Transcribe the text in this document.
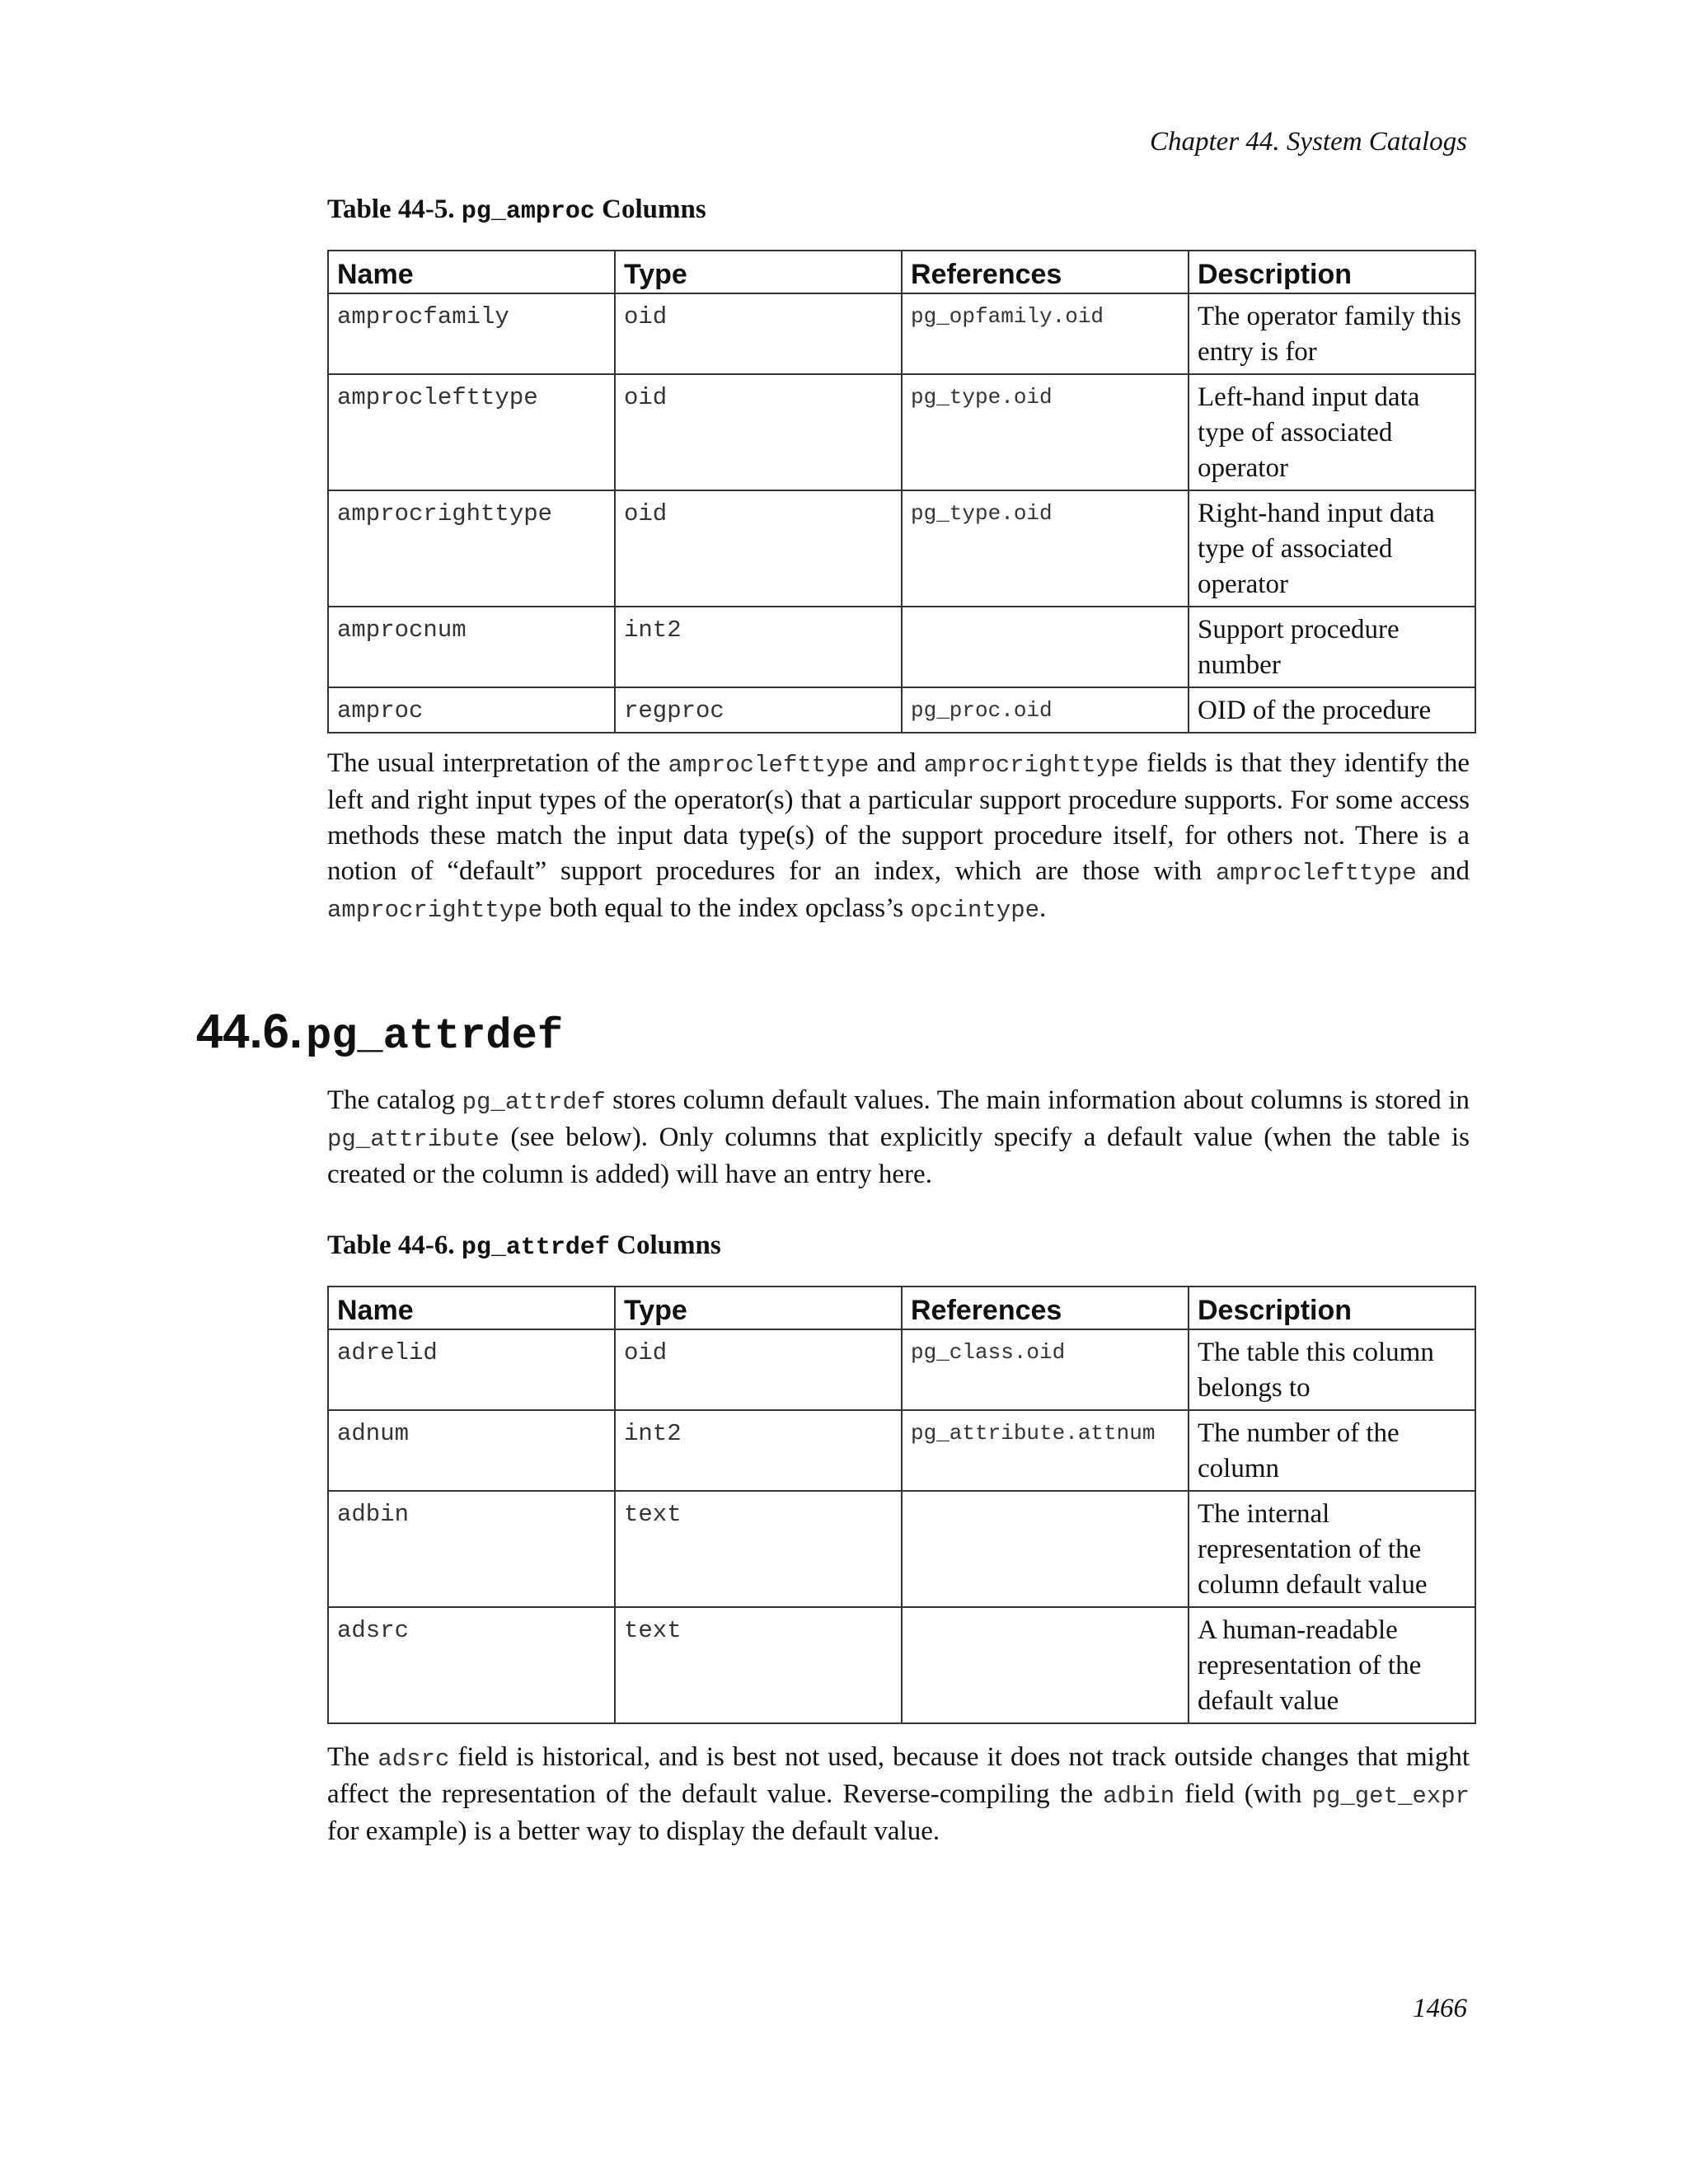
Chapter 44. System Catalogs
Table 44-5. pg_amproc Columns
Name	Type	References	Description
amprocfamily	oid	pg_opfamily.oid	The operator family this entry is for
amproclefttype	oid	pg_type.oid	Left-hand input data type of associated operator
amprocrighttype	oid	pg_type.oid	Right-hand input data type of associated operator
amprocnum	int2		Support procedure number
amproc	regproc	pg_proc.oid	OID of the procedure

The usual interpretation of the amproclefttype and amprocrighttype fields is that they identify the left and right input types of the operator(s) that a particular support procedure supports. For some access methods these match the input data type(s) of the support procedure itself, for others not. There is a notion of “default” support procedures for an index, which are those with amproclefttype and amprocrighttype both equal to the index opclass’s opcintype.

44.6. pg_attrdef

The catalog pg_attrdef stores column default values. The main information about columns is stored in pg_attribute (see below). Only columns that explicitly specify a default value (when the table is created or the column is added) will have an entry here.

Table 44-6. pg_attrdef Columns
Name	Type	References	Description
adrelid	oid	pg_class.oid	The table this column belongs to
adnum	int2	pg_attribute.attnum	The number of the column
adbin	text		The internal representation of the column default value
adsrc	text		A human-readable representation of the default value

The adsrc field is historical, and is best not used, because it does not track outside changes that might affect the representation of the default value. Reverse-compiling the adbin field (with pg_get_expr for example) is a better way to display the default value.

1466
